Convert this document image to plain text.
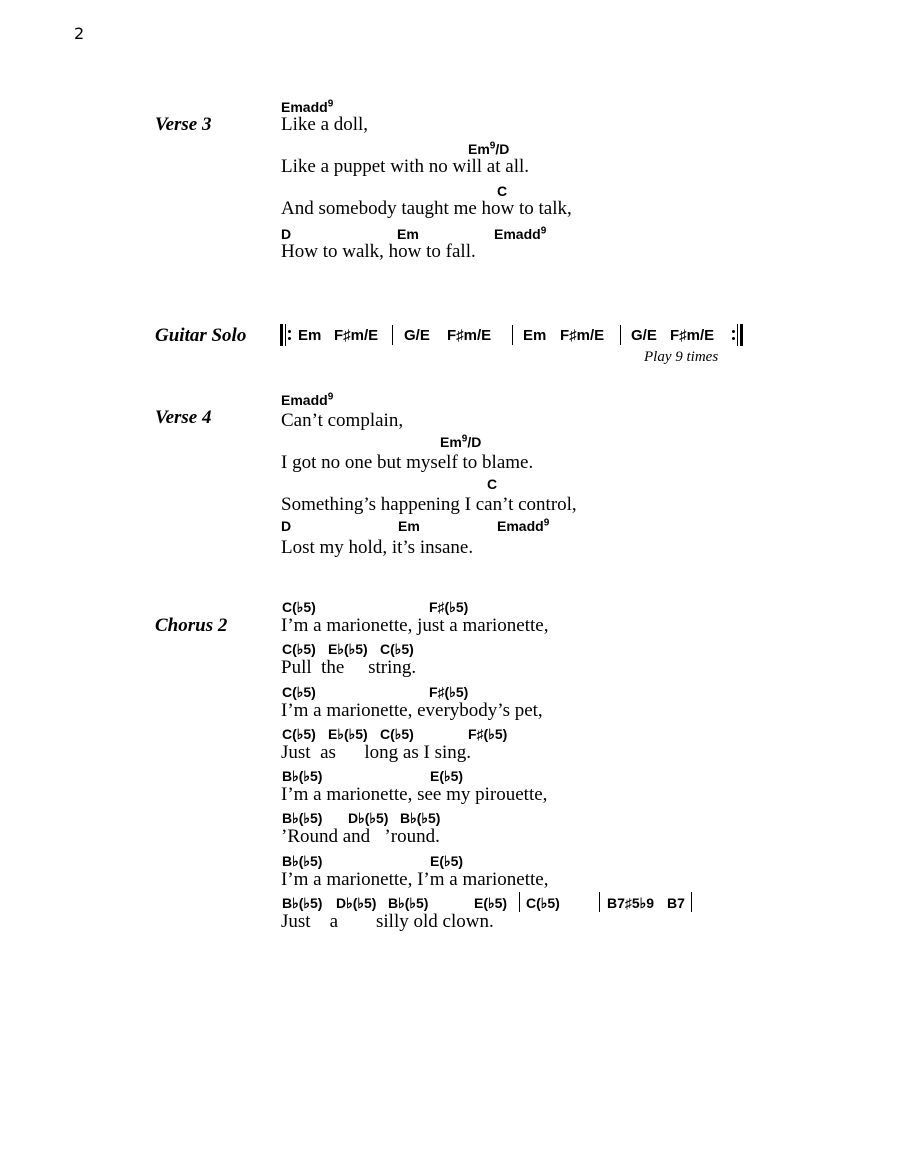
2
Verse 3
Emadd$^9$
Like a doll,
Em$^9$/D
Like a puppet with no will at all.
C
And somebody taught me how to talk,
D	Em	Emadd$^9$
How to walk, how to fall.
Guitar Solo	Em F♯m/E G/E F♯m/E Em F♯m/E G/E F♯m/E
Play 9 times
Verse 4
Emadd$^9$
Can’t complain,
Em$^9$/D
I got no one but myself to blame.
C
Something’s happening I can’t control,
D	Em	Emadd$^9$
Lost my hold, it’s insane.
Chorus 2
C(♭5)	F♯(♭5)
I’m a marionette, just a marionette,
C(♭5) E♭(♭5) C(♭5)
Pull  the     string.
C(♭5)	F♯(♭5)
I’m a marionette, everybody’s pet,
C(♭5) E♭(♭5) C(♭5)	F♯(♭5)
Just  as      long as I sing.
B♭(♭5)	E(♭5)
I’m a marionette, see my pirouette,
B♭(♭5) D♭(♭5) B♭(♭5)
’Round and   ’round.
B♭(♭5)	E(♭5)
I’m a marionette, I’m a marionette,
B♭(♭5) D♭(♭5) B♭(♭5)	E(♭5) C(♭5)	B7♯5♭9 B7
Just    a        silly old clown.
